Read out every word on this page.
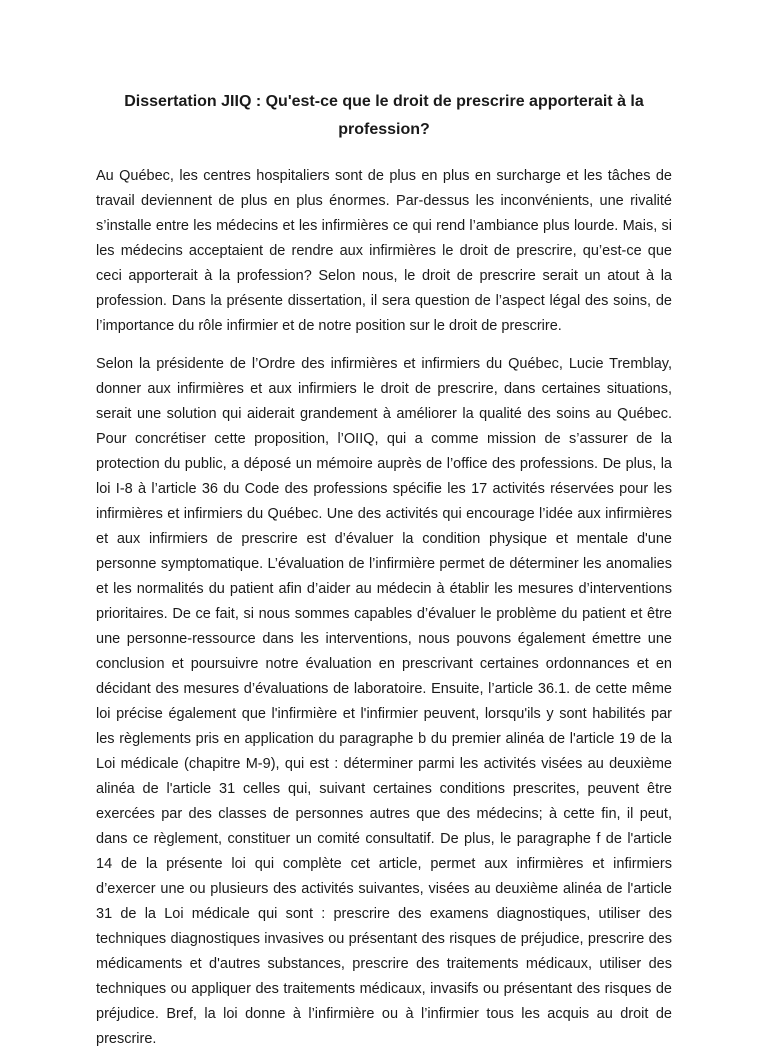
Dissertation JIIQ : Qu'est-ce que le droit de prescrire apporterait à la profession?

Au Québec, les centres hospitaliers sont de plus en plus en surcharge et les tâches de travail deviennent de plus en plus énormes. Par-dessus les inconvénients, une rivalité s’installe entre les médecins et les infirmières ce qui rend l’ambiance plus lourde. Mais, si les médecins acceptaient de rendre aux infirmières le droit de prescrire, qu’est-ce que ceci apporterait à la profession? Selon nous, le droit de prescrire serait un atout à la profession. Dans la présente dissertation, il sera question de l’aspect légal des soins, de l’importance du rôle infirmier et de notre position sur le droit de prescrire.

Selon la présidente de l’Ordre des infirmières et infirmiers du Québec, Lucie Tremblay, donner aux infirmières et aux infirmiers le droit de prescrire, dans certaines situations, serait une solution qui aiderait grandement à améliorer la qualité des soins au Québec. Pour concrétiser cette proposition, l’OIIQ, qui a comme mission de s’assurer de la protection du public, a déposé un mémoire auprès de l’office des professions. De plus, la loi I-8 à l’article 36 du Code des professions spécifie les 17 activités réservées pour les infirmières et infirmiers du Québec. Une des activités qui encourage l’idée aux infirmières et aux infirmiers de prescrire est d’évaluer la condition physique et mentale d'une personne symptomatique. L’évaluation de l’infirmière permet de déterminer les anomalies et les normalités du patient afin d’aider au médecin à établir les mesures d’interventions prioritaires. De ce fait, si nous sommes capables d’évaluer le problème du patient et être une personne-ressource dans les interventions, nous pouvons également émettre une conclusion et poursuivre notre évaluation en prescrivant certaines ordonnances et en décidant des mesures d’évaluations de laboratoire. Ensuite, l’article 36.1. de cette même loi précise également que l'infirmière et l'infirmier peuvent, lorsqu'ils y sont habilités par les règlements pris en application du paragraphe b du premier alinéa de l'article 19 de la Loi médicale (chapitre M-9), qui est : déterminer parmi les activités visées au deuxième alinéa de l'article 31 celles qui, suivant certaines conditions prescrites, peuvent être exercées par des classes de personnes autres que des médecins; à cette fin, il peut, dans ce règlement, constituer un comité consultatif. De plus, le paragraphe f de l'article 14 de la présente loi qui complète cet article, permet aux infirmières et infirmiers d’exercer une ou plusieurs des activités suivantes, visées au deuxième alinéa de l'article 31 de la Loi médicale qui sont : prescrire des examens diagnostiques, utiliser des techniques diagnostiques invasives ou présentant des risques de préjudice, prescrire des médicaments et d'autres substances, prescrire des traitements médicaux, utiliser des techniques ou appliquer des traitements médicaux, invasifs ou présentant des risques de préjudice. Bref, la loi donne à l’infirmière ou à l’infirmier tous les acquis au droit de prescrire.
